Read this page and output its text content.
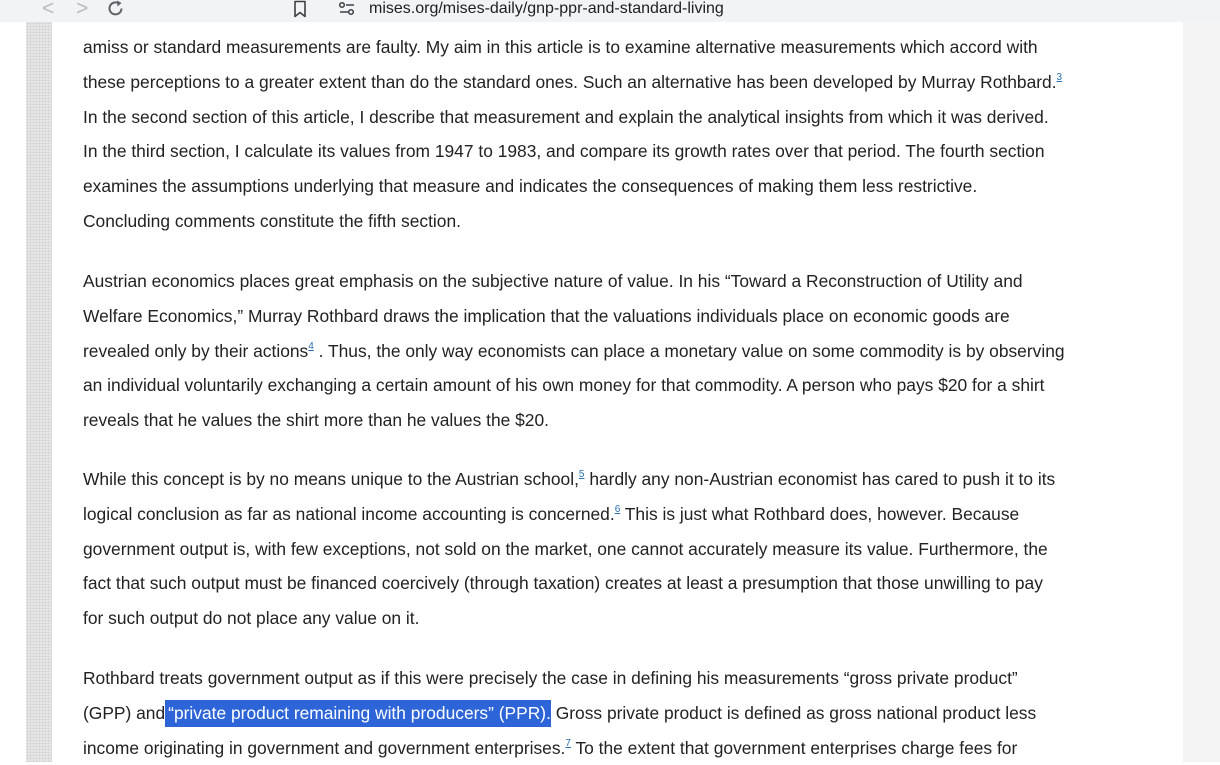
< >	mises.org/mises-daily/gnp-ppr-and-standard-living
amiss or standard measurements are faulty. My aim in this article is to examine alternative measurements which accord with
these perceptions to a greater extent than do the standard ones. Such an alternative has been developed by Murray Rothbard.$^3$
In the second section of this article, I describe that measurement and explain the analytical insights from which it was derived.
In the third section, I calculate its values from 1947 to 1983, and compare its growth rates over that period. The fourth section
examines the assumptions underlying that measure and indicates the consequences of making them less restrictive.
Concluding comments constitute the fifth section.
Austrian economics places great emphasis on the subjective nature of value. In his “Toward a Reconstruction of Utility and
Welfare Economics,” Murray Rothbard draws the implication that the valuations individuals place on economic goods are
revealed only by their actions$^4$ . Thus, the only way economists can place a monetary value on some commodity is by observing
an individual voluntarily exchanging a certain amount of his own money for that commodity. A person who pays $20 for a shirt
reveals that he values the shirt more than he values the $20.
While this concept is by no means unique to the Austrian school,$^5$ hardly any non-Austrian economist has cared to push it to its
logical conclusion as far as national income accounting is concerned.$^6$ This is just what Rothbard does, however. Because
government output is, with few exceptions, not sold on the market, one cannot accurately measure its value. Furthermore, the
fact that such output must be financed coercively (through taxation) creates at least a presumption that those unwilling to pay
for such output do not place any value on it.
Rothbard treats government output as if this were precisely the case in defining his measurements “gross private product”
(GPP) and “private product remaining with producers” (PPR). Gross private product is defined as gross national product less
income originating in government and government enterprises.$^7$ To the extent that government enterprises charge fees for
